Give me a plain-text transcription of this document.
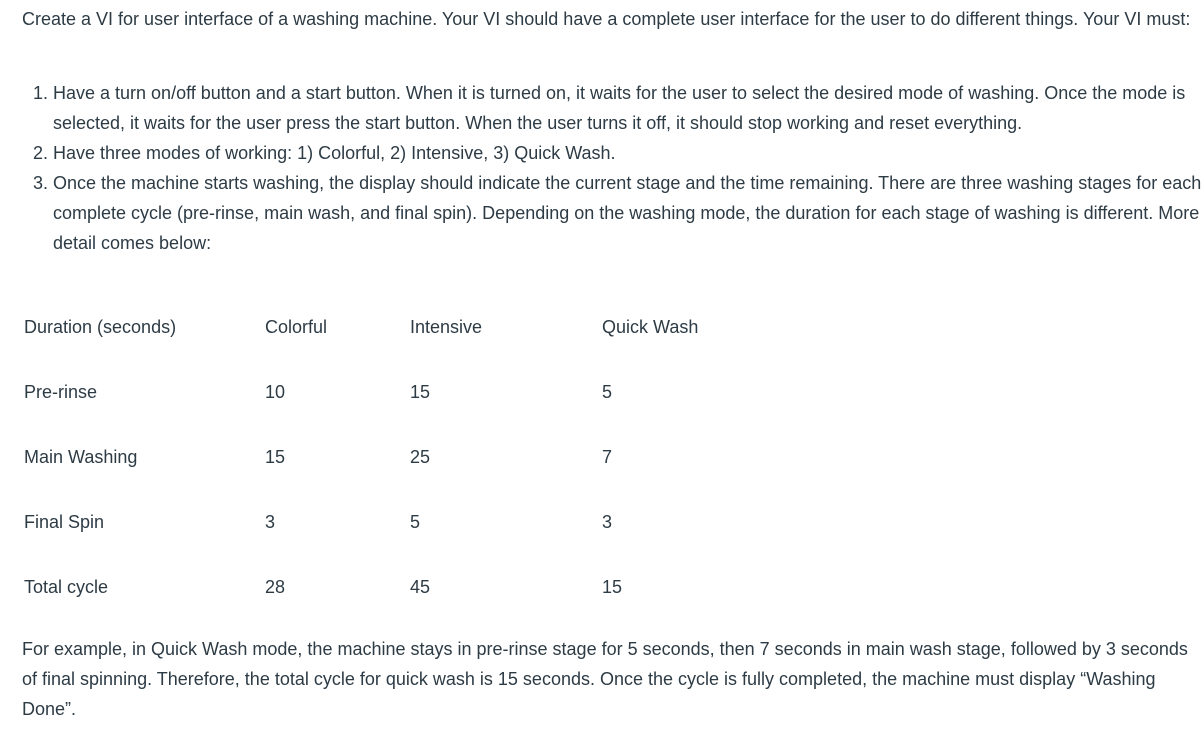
Create a VI for user interface of a washing machine. Your VI should have a complete user interface for the user to do different things. Your VI must:

1. Have a turn on/off button and a start button. When it is turned on, it waits for the user to select the desired mode of washing. Once the mode is selected, it waits for the user press the start button. When the user turns it off, it should stop working and reset everything.
2. Have three modes of working: 1) Colorful, 2) Intensive, 3) Quick Wash.
3. Once the machine starts washing, the display should indicate the current stage and the time remaining. There are three washing stages for each complete cycle (pre-rinse, main wash, and final spin). Depending on the washing mode, the duration for each stage of washing is different. More detail comes below:
Duration (seconds)	Colorful	Intensive	Quick Wash
Pre-rinse	10	15	5
Main Washing	15	25	7
Final Spin	3	5	3
Total cycle	28	45	15

For example, in Quick Wash mode, the machine stays in pre-rinse stage for 5 seconds, then 7 seconds in main wash stage, followed by 3 seconds of final spinning. Therefore, the total cycle for quick wash is 15 seconds. Once the cycle is fully completed, the machine must display “Washing Done”.
